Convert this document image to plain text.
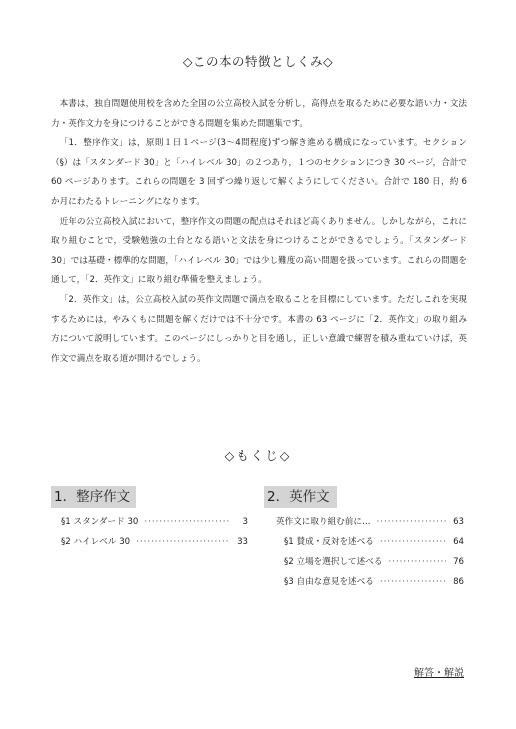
◇この本の特徴としくみ◇

本書は，独自問題使用校を含めた全国の公立高校入試を分析し，高得点を取るために必要な語い力・文法力・英作文力を身につけることができる問題を集めた問題集です。

「1．整序作文」は，原則１日１ページ(3～4問程度)ずつ解き進める構成になっています。セクション（§）は「スタンダード 30」と「ハイレベル 30」の２つあり，１つのセクションにつき 30 ページ，合計で 60 ページあります。これらの問題を 3 回ずつ繰り返して解くようにしてください。合計で 180 日，約 6 か月にわたるトレーニングになります。

近年の公立高校入試において，整序作文の問題の配点はそれほど高くありません。しかしながら，これに取り組むことで，受験勉強の土台となる語いと文法を身につけることができるでしょう。「スタンダード 30」では基礎・標準的な問題，「ハイレベル 30」では少し難度の高い問題を扱っています。これらの問題を通して，「2．英作文」に取り組む準備を整えましょう。

「2．英作文」は，公立高校入試の英作文問題で満点を取ることを目標にしています。ただしこれを実現するためには，やみくもに問題を解くだけでは不十分です。本書の 63 ページに「2．英作文」の取り組み方について説明しています。このページにしっかりと目を通し，正しい意識で練習を積み重ねていけば，英作文で満点を取る道が開けるでしょう。

◇もくじ◇
1．整序作文	2．英作文
§1 スタンダード 30 ·····	3
§2 ハイレベル 30 ·····	33
英作文に取り組む前に… ·····	63
§1 賛成・反対を述べる ·····	64
§2 立場を選択して述べる ·····	76
§3 自由な意見を述べる ·····	86
解答・解説
